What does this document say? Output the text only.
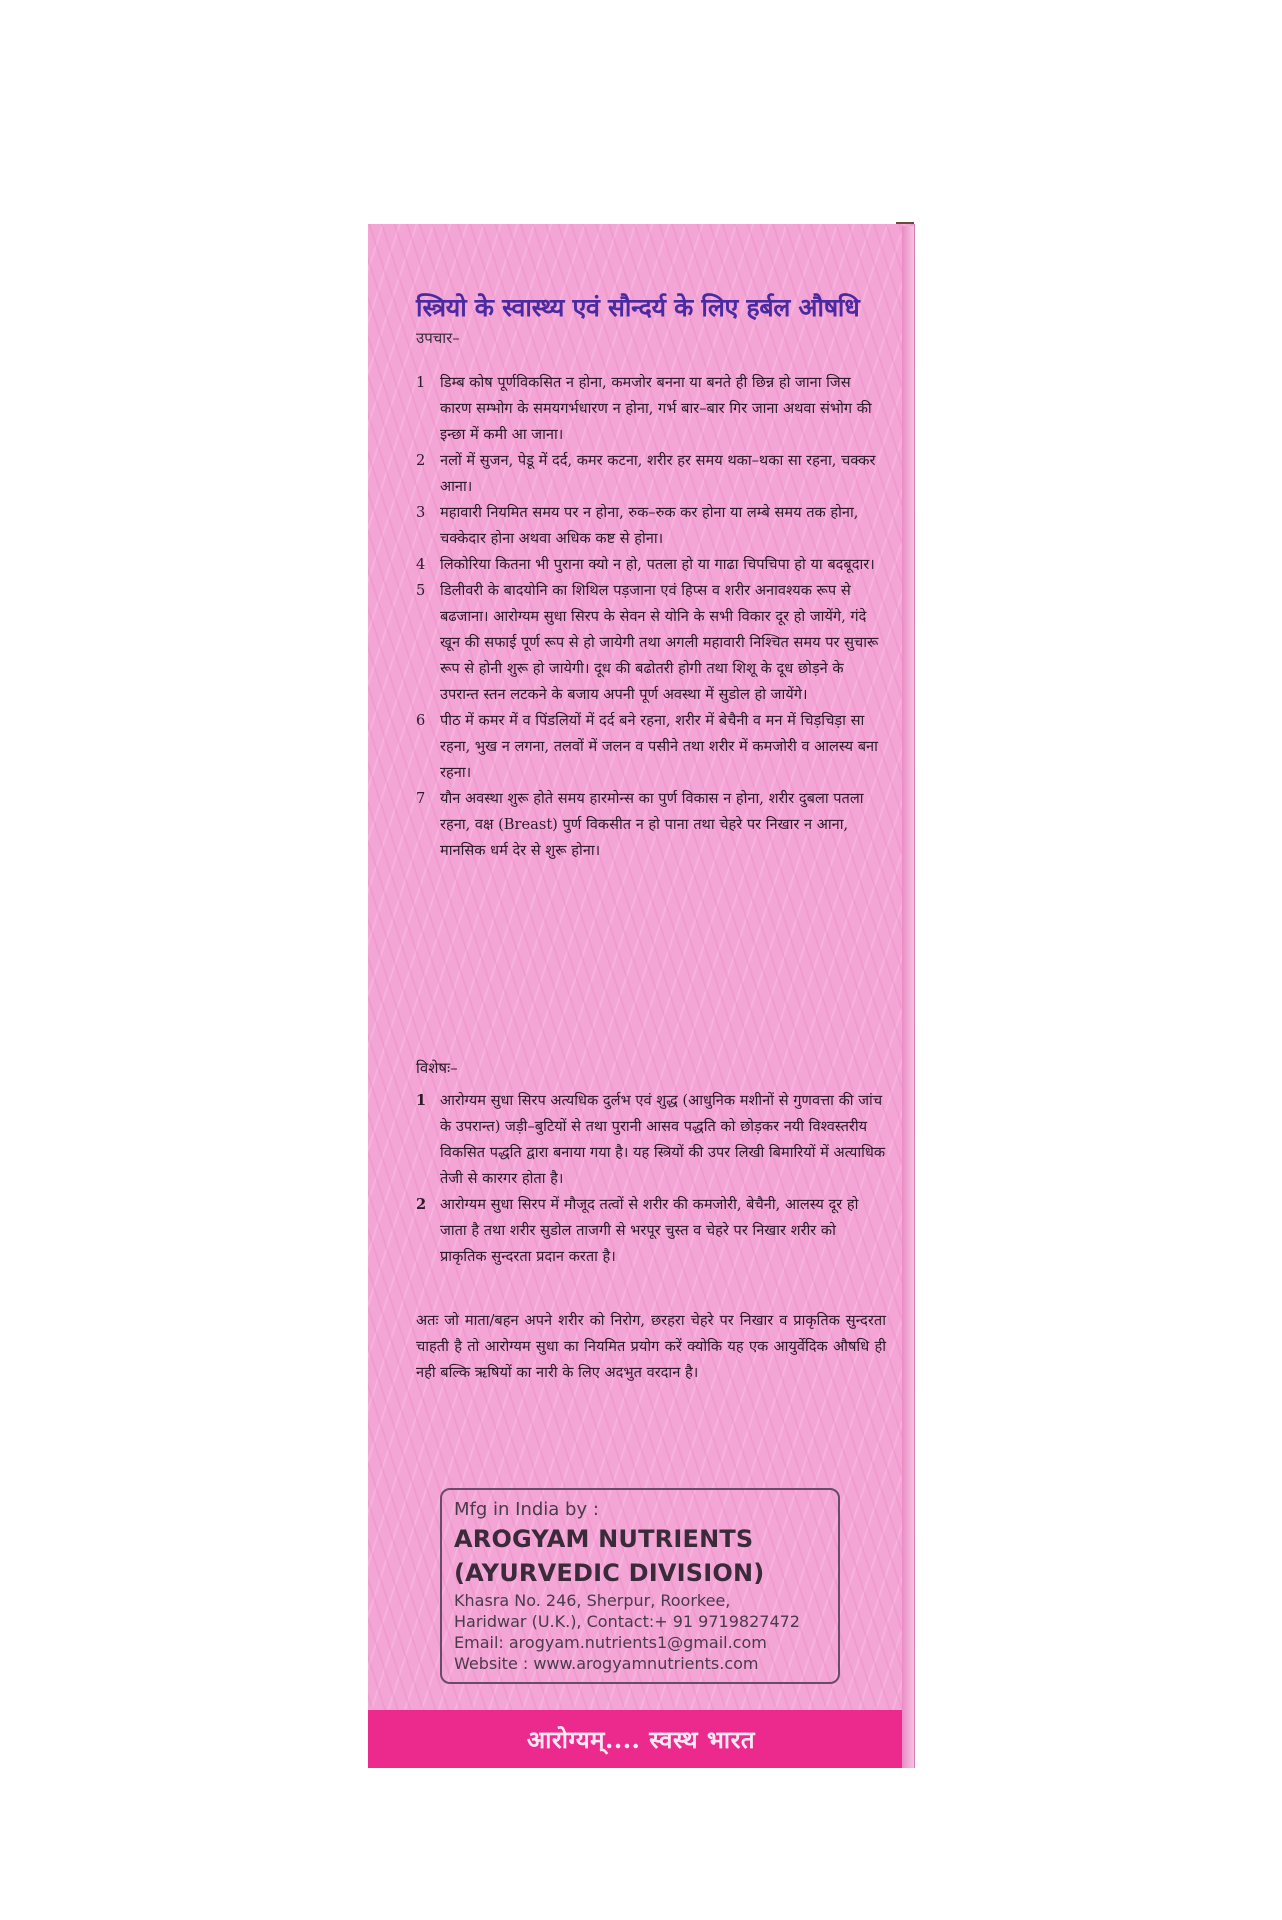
स्त्रियो के स्वास्थ्य एवं सौन्दर्य के लिए हर्बल औषधि
उपचार–
1 डिम्ब कोष पूर्णविकसित न होना, कमजोर बनना या बनते ही छिन्न हो जाना जिस कारण सम्भोग के समयगर्भधारण न होना, गर्भ बार–बार गिर जाना अथवा संभोग की इन्छा में कमी आ जाना।
2 नलों में सुजन, पेडू में दर्द, कमर कटना, शरीर हर समय थका–थका सा रहना, चक्कर आना।
3 महावारी नियमित समय पर न होना, रुक–रुक कर होना या लम्बे समय तक होना, चक्केदार होना अथवा अधिक कष्ट से होना।
4 लिकोरिया कितना भी पुराना क्यो न हो, पतला हो या गाढा चिपचिपा हो या बदबूदार।
5 डिलीवरी के बादयोनि का शिथिल पड़जाना एवं हिप्स व शरीर अनावश्यक रूप से बढजाना। आरोग्यम सुधा सिरप के सेवन से योनि के सभी विकार दूर हो जायेंगे, गंदे खून की सफाई पूर्ण रूप से हो जायेगी तथा अगली महावारी निश्चित समय पर सुचारू रूप से होनी शुरू हो जायेगी। दूध की बढोतरी होगी तथा शिशू के दूध छोड़ने के उपरान्त स्तन लटकने के बजाय अपनी पूर्ण अवस्था में सुडोल हो जायेंगे।
6 पीठ में कमर में व पिंडलियों में दर्द बने रहना, शरीर में बेचैनी व मन में चिड़चिड़ा सा रहना, भुख न लगना, तलवों में जलन व पसीने तथा शरीर में कमजोरी व आलस्य बना रहना।
7 यौन अवस्था शुरू होते समय हारमोन्स का पुर्ण विकास न होना, शरीर दुबला पतला रहना, वक्ष (Breast) पुर्ण विकसीत न हो पाना तथा चेहरे पर निखार न आना, मानसिक धर्म देर से शुरू होना।
विशेषः–
1 आरोग्यम सुधा सिरप अत्यधिक दुर्लभ एवं शुद्ध (आधुनिक मशीनों से गुणवत्ता की जांच के उपरान्त) जड़ी–बुटियों से तथा पुरानी आसव पद्धति को छोड़कर नयी विश्वस्तरीय विकसित पद्धति द्वारा बनाया गया है। यह स्त्रियों की उपर लिखी बिमारियों में अत्याधिक तेजी से कारगर होता है।
2 आरोग्यम सुधा सिरप में मौजूद तत्वों से शरीर की कमजोरी, बेचैनी, आलस्य दूर हो जाता है तथा शरीर सुडोल ताजगी से भरपूर चुस्त व चेहरे पर निखार शरीर को प्राकृतिक सुन्दरता प्रदान करता है।
अतः जो माता/बहन अपने शरीर को निरोग, छरहरा चेहरे पर निखार व प्राकृतिक सुन्दरता चाहती है तो आरोग्यम सुधा का नियमित प्रयोग करें क्योकि यह एक आयुर्वेदिक औषधि ही नही बल्कि ऋषियों का नारी के लिए अदभुत वरदान है।
Mfg in India by :
AROGYAM NUTRIENTS
(AYURVEDIC DIVISION)
Khasra No. 246, Sherpur, Roorkee,
Haridwar (U.K.), Contact:+ 91 9719827472
Email: arogyam.nutrients1@gmail.com
Website : www.arogyamnutrients.com
आरोग्यम्.... स्वस्थ भारत
